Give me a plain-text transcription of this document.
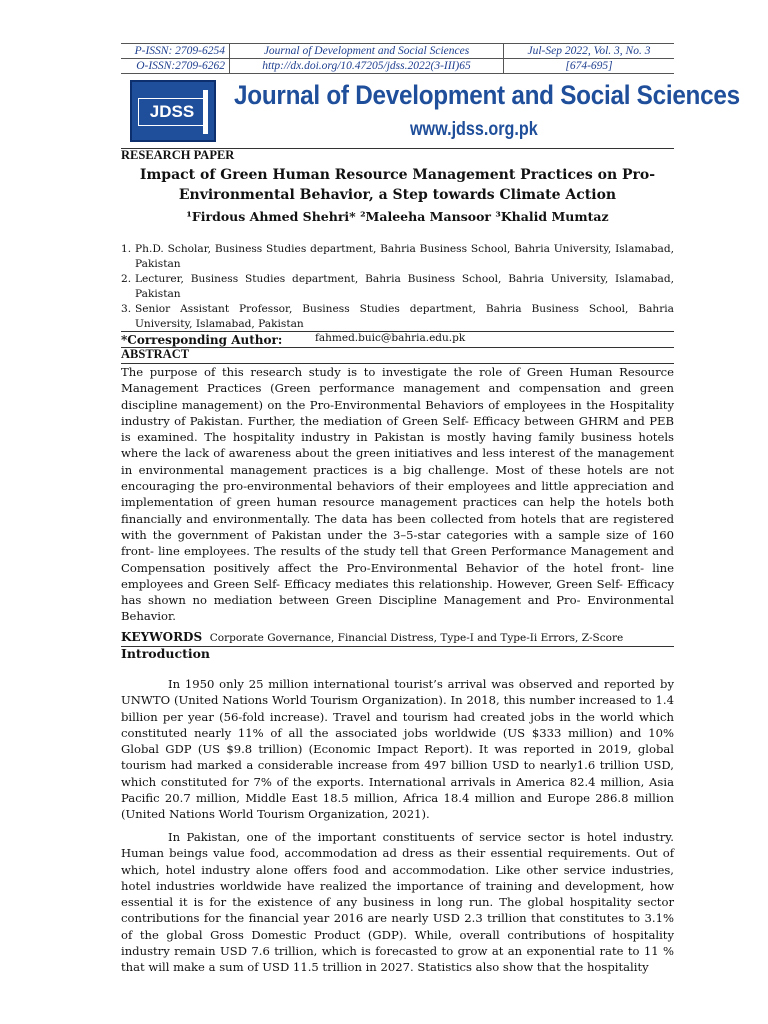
P-ISSN: 2709-6254	Journal of Development and Social Sciences	Jul-Sep 2022, Vol. 3, No. 3
O-ISSN:2709-6262	http://dx.doi.org/10.47205/jdss.2022(3-III)65	[674-695]
JDSS
Journal of Development and Social Sciences
www.jdss.org.pk
RESEARCH PAPER
Impact of Green Human Resource Management Practices on Pro-
Environmental Behavior, a Step towards Climate Action
¹Firdous Ahmed Shehri* ²Maleeha Mansoor ³Khalid Mumtaz
1. Ph.D. Scholar, Business Studies department, Bahria Business School, Bahria University, Islamabad, Pakistan
2. Lecturer, Business Studies department, Bahria Business School, Bahria University, Islamabad, Pakistan
3. Senior Assistant Professor, Business Studies department, Bahria Business School, Bahria University, Islamabad, Pakistan
*Corresponding Author:	fahmed.buic@bahria.edu.pk
ABSTRACT

The purpose of this research study is to investigate the role of Green Human Resource Management Practices (Green performance management and compensation and green discipline management) on the Pro-Environmental Behaviors of employees in the Hospitality industry of Pakistan. Further, the mediation of Green Self- Efficacy between GHRM and PEB is examined. The hospitality industry in Pakistan is mostly having family business hotels where the lack of awareness about the green initiatives and less interest of the management in environmental management practices is a big challenge. Most of these hotels are not encouraging the pro-environmental behaviors of their employees and little appreciation and implementation of green human resource management practices can help the hotels both financially and environmentally. The data has been collected from hotels that are registered with the government of Pakistan under the 3–5-star categories with a sample size of 160 front- line employees. The results of the study tell that Green Performance Management and Compensation positively affect the Pro-Environmental Behavior of the hotel front- line employees and Green Self- Efficacy mediates this relationship. However, Green Self- Efficacy has shown no mediation between Green Discipline Management and Pro- Environmental Behavior.

KEYWORDS Corporate Governance, Financial Distress, Type-I and Type-Ii Errors, Z-Score
Introduction

In 1950 only 25 million international tourist’s arrival was observed and reported by UNWTO (United Nations World Tourism Organization). In 2018, this number increased to 1.4 billion per year (56-fold increase). Travel and tourism had created jobs in the world which constituted nearly 11% of all the associated jobs worldwide (US $333 million) and 10% Global GDP (US $9.8 trillion) (Economic Impact Report). It was reported in 2019, global tourism had marked a considerable increase from 497 billion USD to nearly1.6 trillion USD, which constituted for 7% of the exports. International arrivals in America 82.4 million, Asia Pacific 20.7 million, Middle East 18.5 million, Africa 18.4 million and Europe 286.8 million (United Nations World Tourism Organization, 2021).

In Pakistan, one of the important constituents of service sector is hotel industry. Human beings value food, accommodation ad dress as their essential requirements. Out of which, hotel industry alone offers food and accommodation. Like other service industries, hotel industries worldwide have realized the importance of training and development, how essential it is for the existence of any business in long run. The global hospitality sector contributions for the financial year 2016 are nearly USD 2.3 trillion that constitutes to 3.1% of the global Gross Domestic Product (GDP). While, overall contributions of hospitality industry remain USD 7.6 trillion, which is forecasted to grow at an exponential rate to 11 % that will make a sum of USD 11.5 trillion in 2027. Statistics also show that the hospitality
